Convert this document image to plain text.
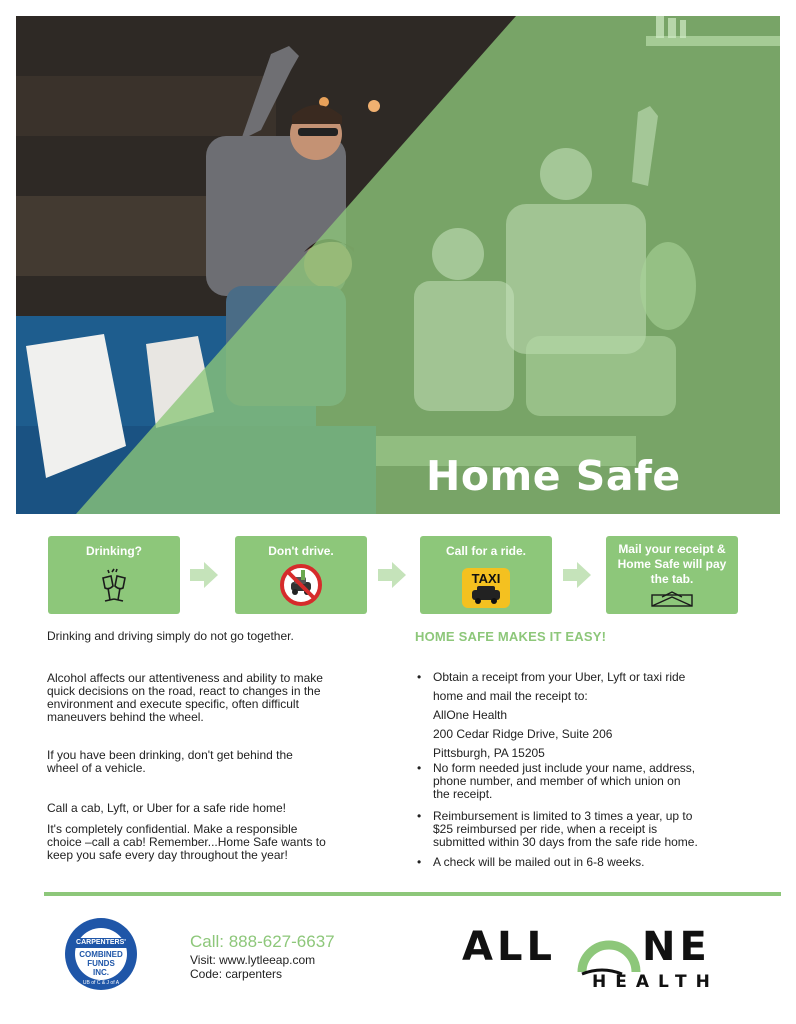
Home Safe
Drinking?	Don't drive.	Call for a ride.
TAXI
Mail your receipt & Home Safe will pay the tab.
Drinking and driving simply do not go together.
Alcohol affects our attentiveness and ability to make
quick decisions on the road, react to changes in the
environment and execute specific, often difficult
maneuvers behind the wheel.
If you have been drinking, don't get behind the
wheel of a vehicle.
Call a cab, Lyft, or Uber for a safe ride home!
It's completely confidential. Make a responsible
choice –call a cab! Remember...Home Safe wants to
keep you safe every day throughout the year!
HOME SAFE MAKES IT EASY!
• Obtain a receipt from your Uber, Lyft or taxi ride
home and mail the receipt to:
AllOne Health
200 Cedar Ridge Drive, Suite 206
Pittsburgh, PA 15205
• No form needed just include your name, address,
phone number, and member of which union on
the receipt.
• Reimbursement is limited to 3 times a year, up to
$25 reimbursed per ride, when a receipt is
submitted within 30 days from the safe ride home.
• A check will be mailed out in 6-8 weeks.
CARPENTERS'
COMBINED
FUNDS
INC.
UB of C & J of A
Call: 888-627-6637
Visit: www.lytleeap.com
Code: carpenters
ALL NE
HEALTH
